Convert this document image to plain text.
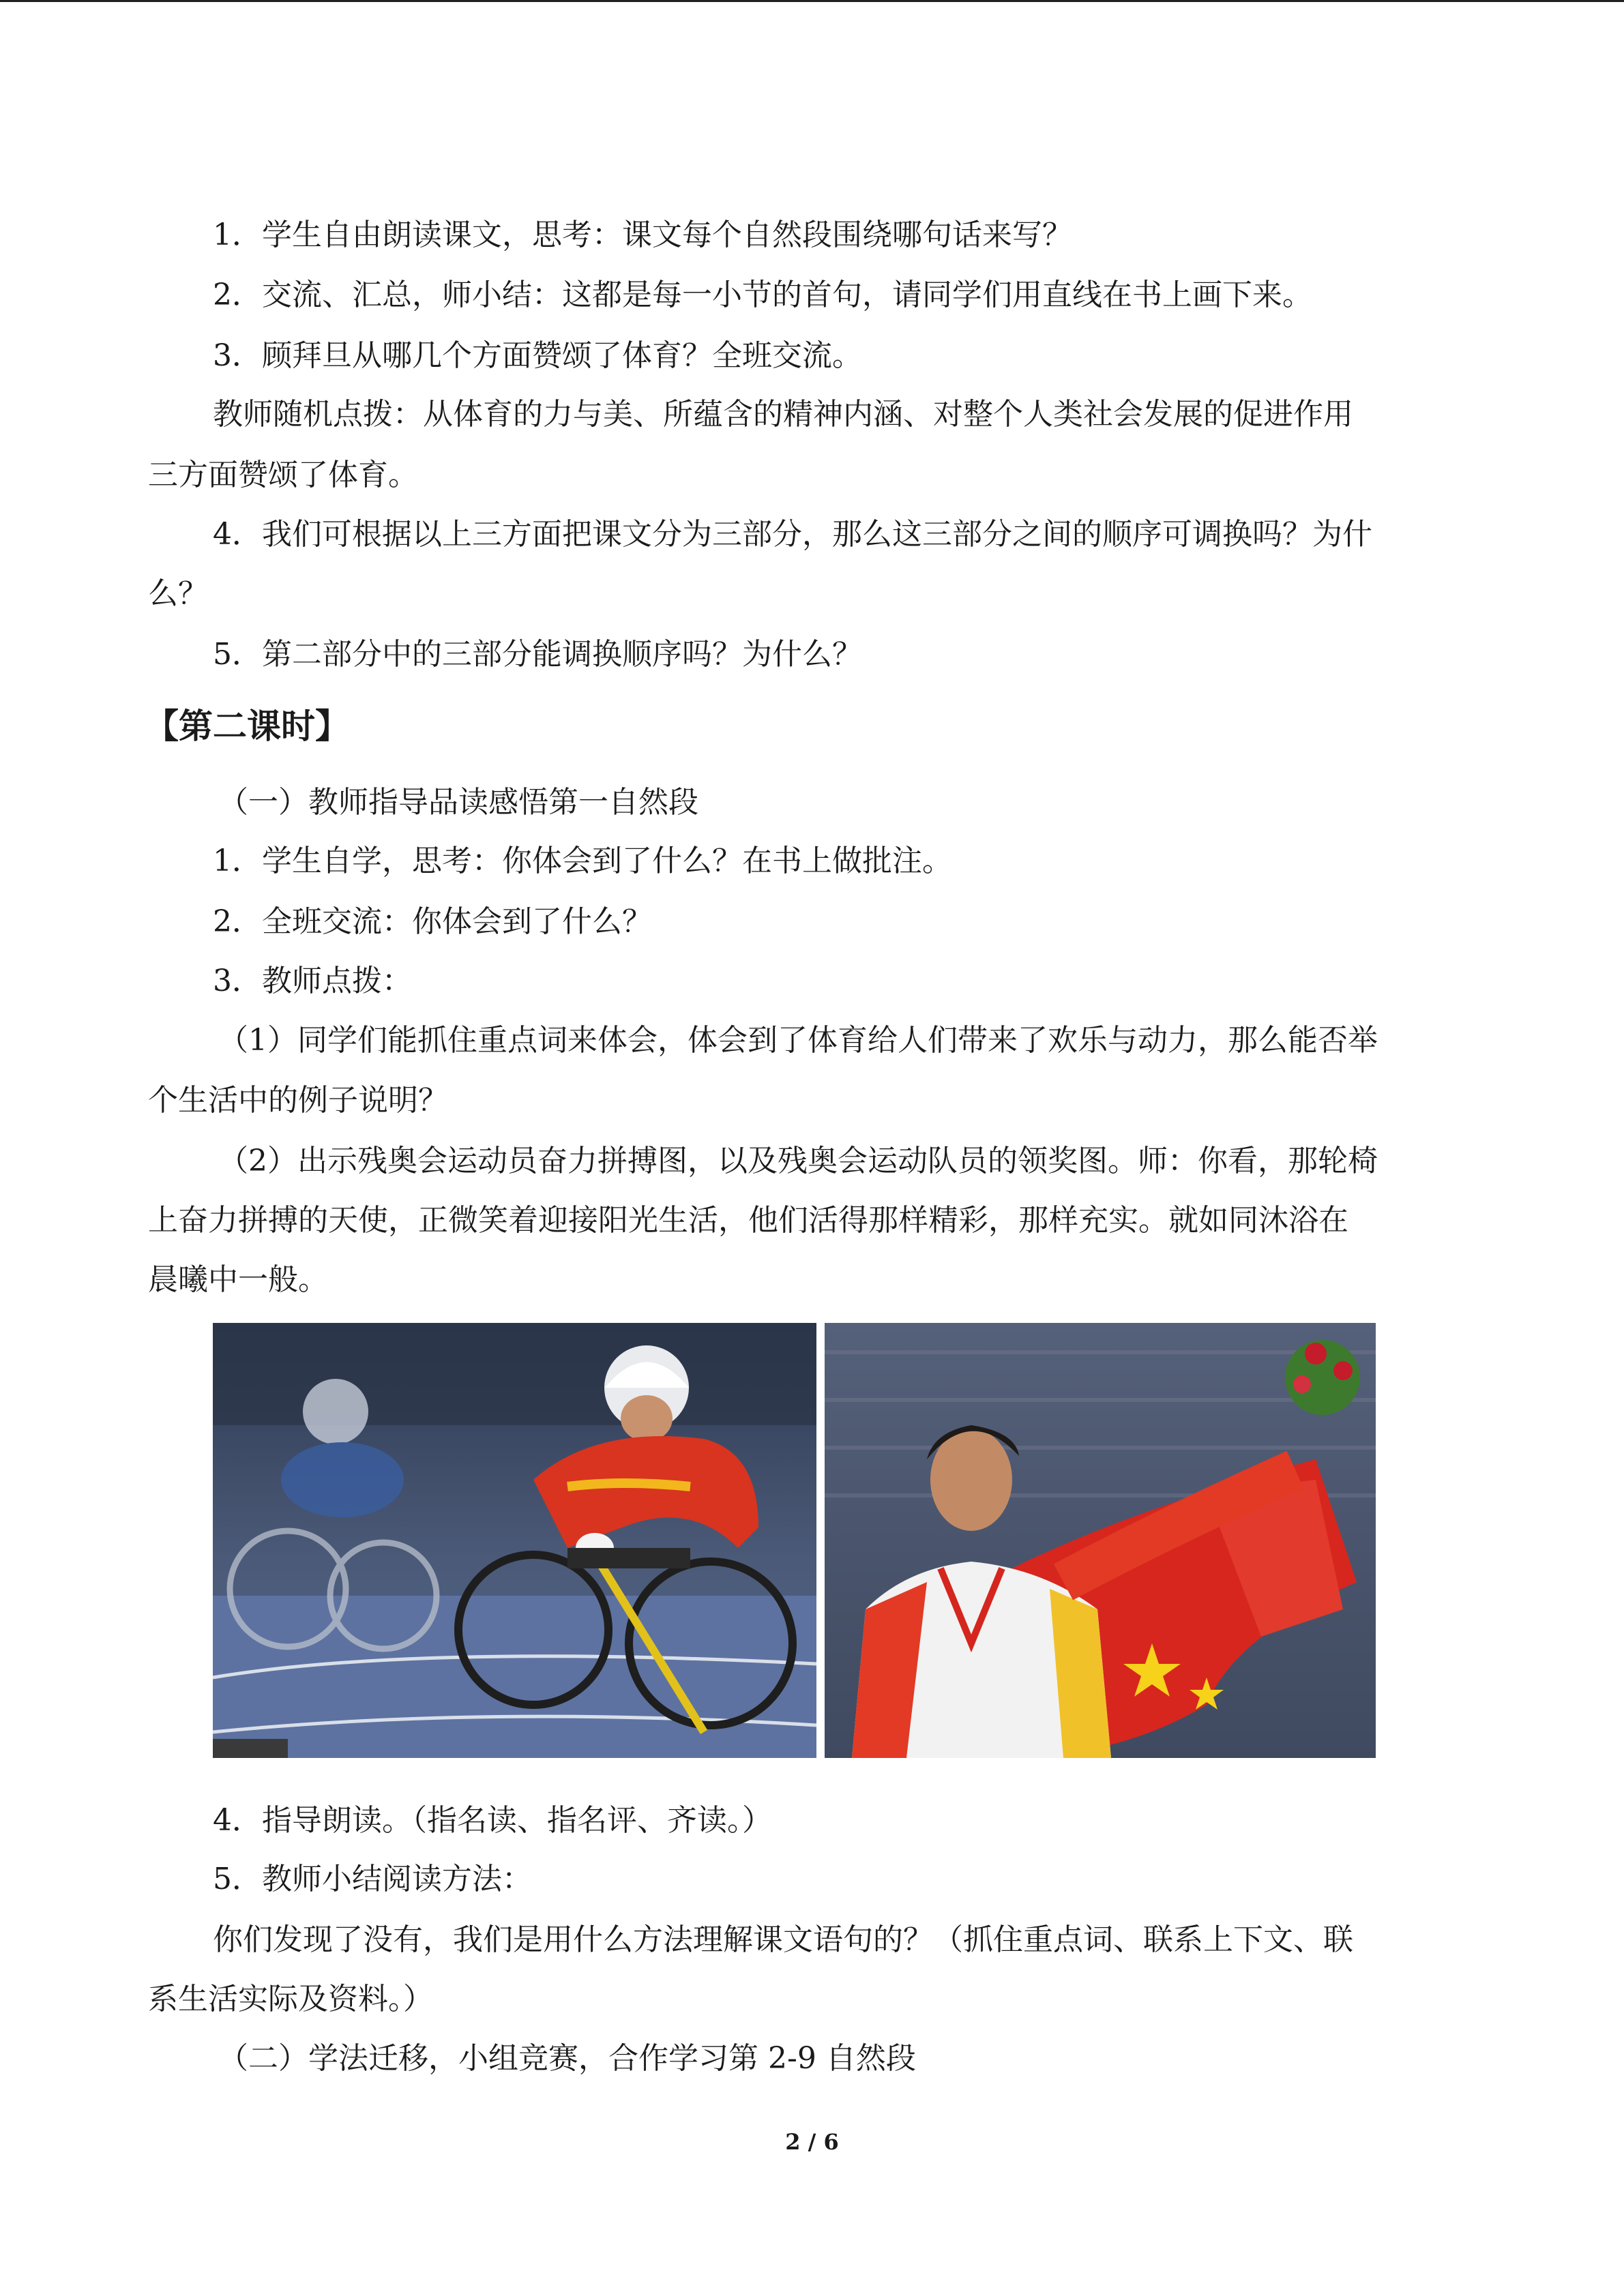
1．学生自由朗读课文，思考：课文每个自然段围绕哪句话来写？
2．交流、汇总，师小结：这都是每一小节的首句，请同学们用直线在书上画下来。
3．顾拜旦从哪几个方面赞颂了体育？全班交流。
教师随机点拨：从体育的力与美、所蕴含的精神内涵、对整个人类社会发展的促进作用
三方面赞颂了体育。
4．我们可根据以上三方面把课文分为三部分，那么这三部分之间的顺序可调换吗？为什
么？
5．第二部分中的三部分能调换顺序吗？为什么？
【第二课时】
（一）教师指导品读感悟第一自然段
1．学生自学，思考：你体会到了什么？在书上做批注。
2．全班交流：你体会到了什么？
3．教师点拨：
（1）同学们能抓住重点词来体会，体会到了体育给人们带来了欢乐与动力，那么能否举
个生活中的例子说明？
（2）出示残奥会运动员奋力拼搏图，以及残奥会运动队员的领奖图。师：你看，那轮椅
上奋力拼搏的天使，正微笑着迎接阳光生活，他们活得那样精彩，那样充实。就如同沐浴在
晨曦中一般。
4．指导朗读。（指名读、指名评、齐读。）
5．教师小结阅读方法：
你们发现了没有，我们是用什么方法理解课文语句的？（抓住重点词、联系上下文、联
系生活实际及资料。）
（二）学法迁移，小组竞赛，合作学习第 2-9 自然段
2 / 6
